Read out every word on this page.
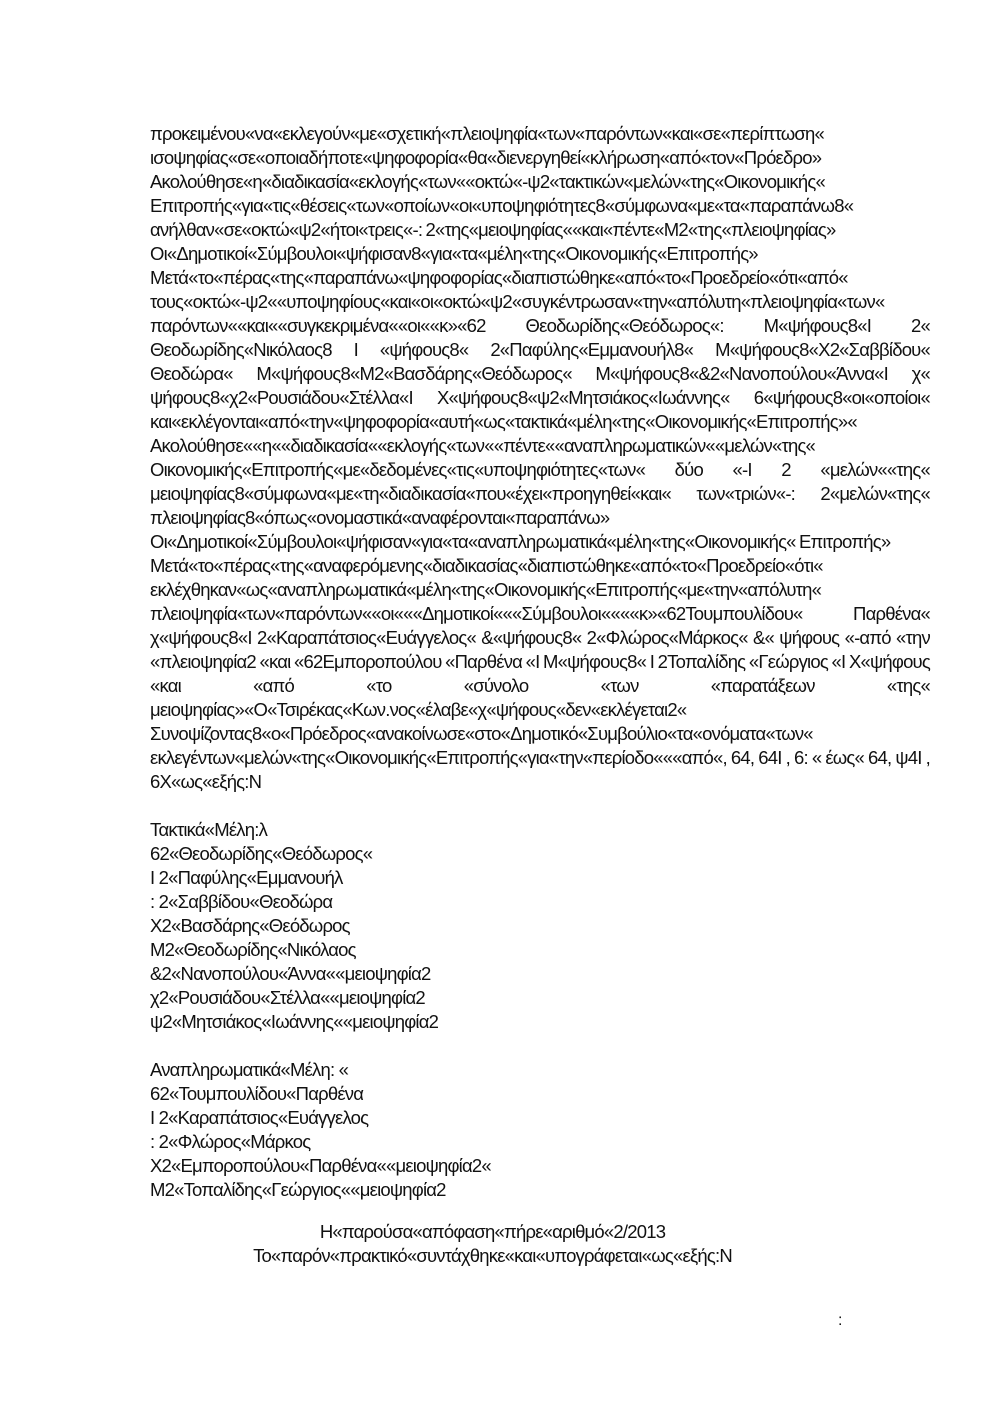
προκειμένου«να«εκλεγούν«με«σχετική«πλειοψηφία«των«παρόντων«και«σε«περίπτωση« ισοψηφίας«σε«οποιαδήποτε«ψηφοφορία«θα«διενεργηθεί«κλήρωση«από«τον«Πρόεδρο»

Ακολούθησε«η«διαδικασία«εκλογής«των««οκτώ«-ψ2«τακτικών«μελών«της«Οικονομικής« Επιτροπής«για«τις«θέσεις«των«οποίων«οι«υποψηφιότητες8«σύμφωνα«με«τα«παραπάνω8« ανήλθαν«σε«οκτώ«ψ2«ήτοι«τρεις«-: 2«της«μειοψηφίας««και«πέντε«Μ2«της«πλειοψηφίας»

Οι«Δημοτικοί«Σύμβουλοι«ψήφισαν8«για«τα«μέλη«της«Οικονομικής«Επιτροπής»

Μετά«το«πέρας«της«παραπάνω«ψηφοφορίας«διαπιστώθηκε«από«το«Προεδρείο«ότι«από« τους«οκτώ«-ψ2««υποψηφίους«και«οι«οκτώ«ψ2«συγκέντρωσαν«την«απόλυτη«πλειοψηφία«των« παρόντων««και««συγκεκριμένα««οι««κ»«62 Θεοδωρίδης«Θεόδωρος«: Μ«ψήφους8«Ι 2« Θεοδωρίδης«Νικόλαος8 Ι «ψήφους8« 2«Παφύλης«Εμμανουήλ8« Μ«ψήφους8«Χ2«Σαββίδου« Θεοδώρα« Μ«ψήφους8«Μ2«Βασδάρης«Θεόδωρος« Μ«ψήφους8«&2«Νανοπούλου«Άννα«Ι χ« ψήφους8«χ2«Ρουσιάδου«Στέλλα«Ι Χ«ψήφους8«ψ2«Μητσιάκος«Ιωάννης« 6«ψήφους8«οι«οποίοι« και«εκλέγονται«από«την«ψηφοφορία«αυτή«ως«τακτικά«μέλη«της«Οικονομικής«Επιτροπής»«

Ακολούθησε««η««διαδικασία««εκλογής«των««πέντε««αναπληρωματικών««μελών«της« Οικονομικής«Επιτροπής«με«δεδομένες«τις«υποψηφιότητες«των« δύο «-Ι 2 «μελών««της« μειοψηφίας8«σύμφωνα«με«τη«διαδικασία«που«έχει«προηγηθεί«και« των«τριών«-: 2«μελών«της« πλειοψηφίας8«όπως«ονομαστικά«αναφέρονται«παραπάνω»

Οι«Δημοτικοί«Σύμβουλοι«ψήφισαν«για«τα«αναπληρωματικά«μέλη«της«Οικονομικής« Επιτροπής»

Μετά«το«πέρας«της«αναφερόμενης«διαδικασίας«διαπιστώθηκε«από«το«Προεδρείο«ότι« εκλέχθηκαν«ως«αναπληρωματικά«μέλη«της«Οικονομικής«Επιτροπής«με«την«απόλυτη« πλειοψηφία«των«παρόντων««οι«««Δημοτικοί«««Σύμβουλοι««««κ»«62Τουμπουλίδου« Παρθένα« χ«ψήφους8«Ι 2«Καραπάτσιος«Ευάγγελος« &«ψήφους8« 2«Φλώρος«Μάρκος« &« ψήφους «-από «την «πλειοψηφία2 «και «62Εμποροπούλου «Παρθένα «Ι Μ«ψήφους8« Ι 2Τοπαλίδης «Γεώργιος «Ι Χ«ψήφους «και «από «το «σύνολο «των «παρατάξεων «της« μειοψηφίας»«Ο«Τσιρέκας«Κων.νος«έλαβε«χ«ψήφους«δεν«εκλέγεται2«

Συνοψίζοντας8«ο«Πρόεδρος«ανακοίνωσε«στο«Δημοτικό«Συμβούλιο«τα«ονόματα«των« εκλεγέντων«μελών«της«Οικονομικής«Επιτροπής«για«την«περίοδο«««από«, 64, 64Ι , 6: « έως« 64, ψ4Ι , 6Χ«ως«εξής:Ν

Τακτικά«Μέλη:λ
62«Θεοδωρίδης«Θεόδωρος«
Ι 2«Παφύλης«Εμμανουήλ
: 2«Σαββίδου«Θεοδώρα
Χ2«Βασδάρης«Θεόδωρος
Μ2«Θεοδωρίδης«Νικόλαος
&2«Νανοπούλου«Άννα««μειοψηφία2
χ2«Ρουσιάδου«Στέλλα««μειοψηφία2
ψ2«Μητσιάκος«Ιωάννης««μειοψηφία2
Αναπληρωματικά«Μέλη: «
62«Τουμπουλίδου«Παρθένα
Ι 2«Καραπάτσιος«Ευάγγελος
: 2«Φλώρος«Μάρκος
Χ2«Εμποροπούλου«Παρθένα««μειοψηφία2«
Μ2«Τοπαλίδης«Γεώργιος««μειοψηφία2
Η«παρούσα«απόφαση«πήρε«αριθμό«2/2013
Το«παρόν«πρακτικό«συντάχθηκε«και«υπογράφεται«ως«εξής:Ν
:
